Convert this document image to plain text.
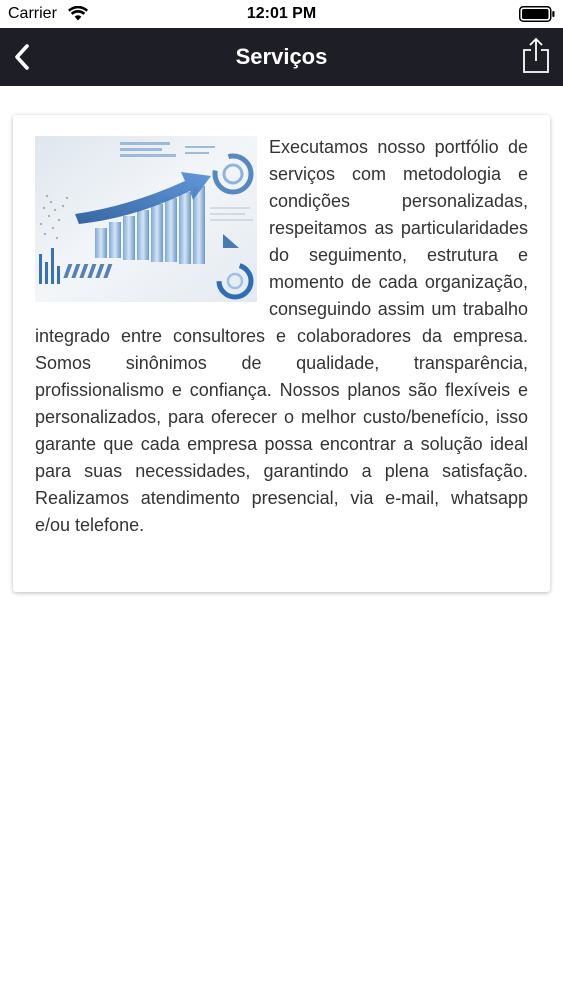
Carrier	12:01 PM
Serviços

Executamos nosso portfólio de serviços com metodologia e condições personalizadas, respeitamos as particularidades do seguimento, estrutura e momento de cada organização, conseguindo assim um trabalho integrado entre consultores e colaboradores da empresa. Somos sinônimos de qualidade, transparência, profissionalismo e confiança. Nossos planos são flexíveis e personalizados, para oferecer o melhor custo/benefício, isso garante que cada empresa possa encontrar a solução ideal para suas necessidades, garantindo a plena satisfação. Realizamos atendimento presencial, via e-mail, whatsapp e/ou telefone.
